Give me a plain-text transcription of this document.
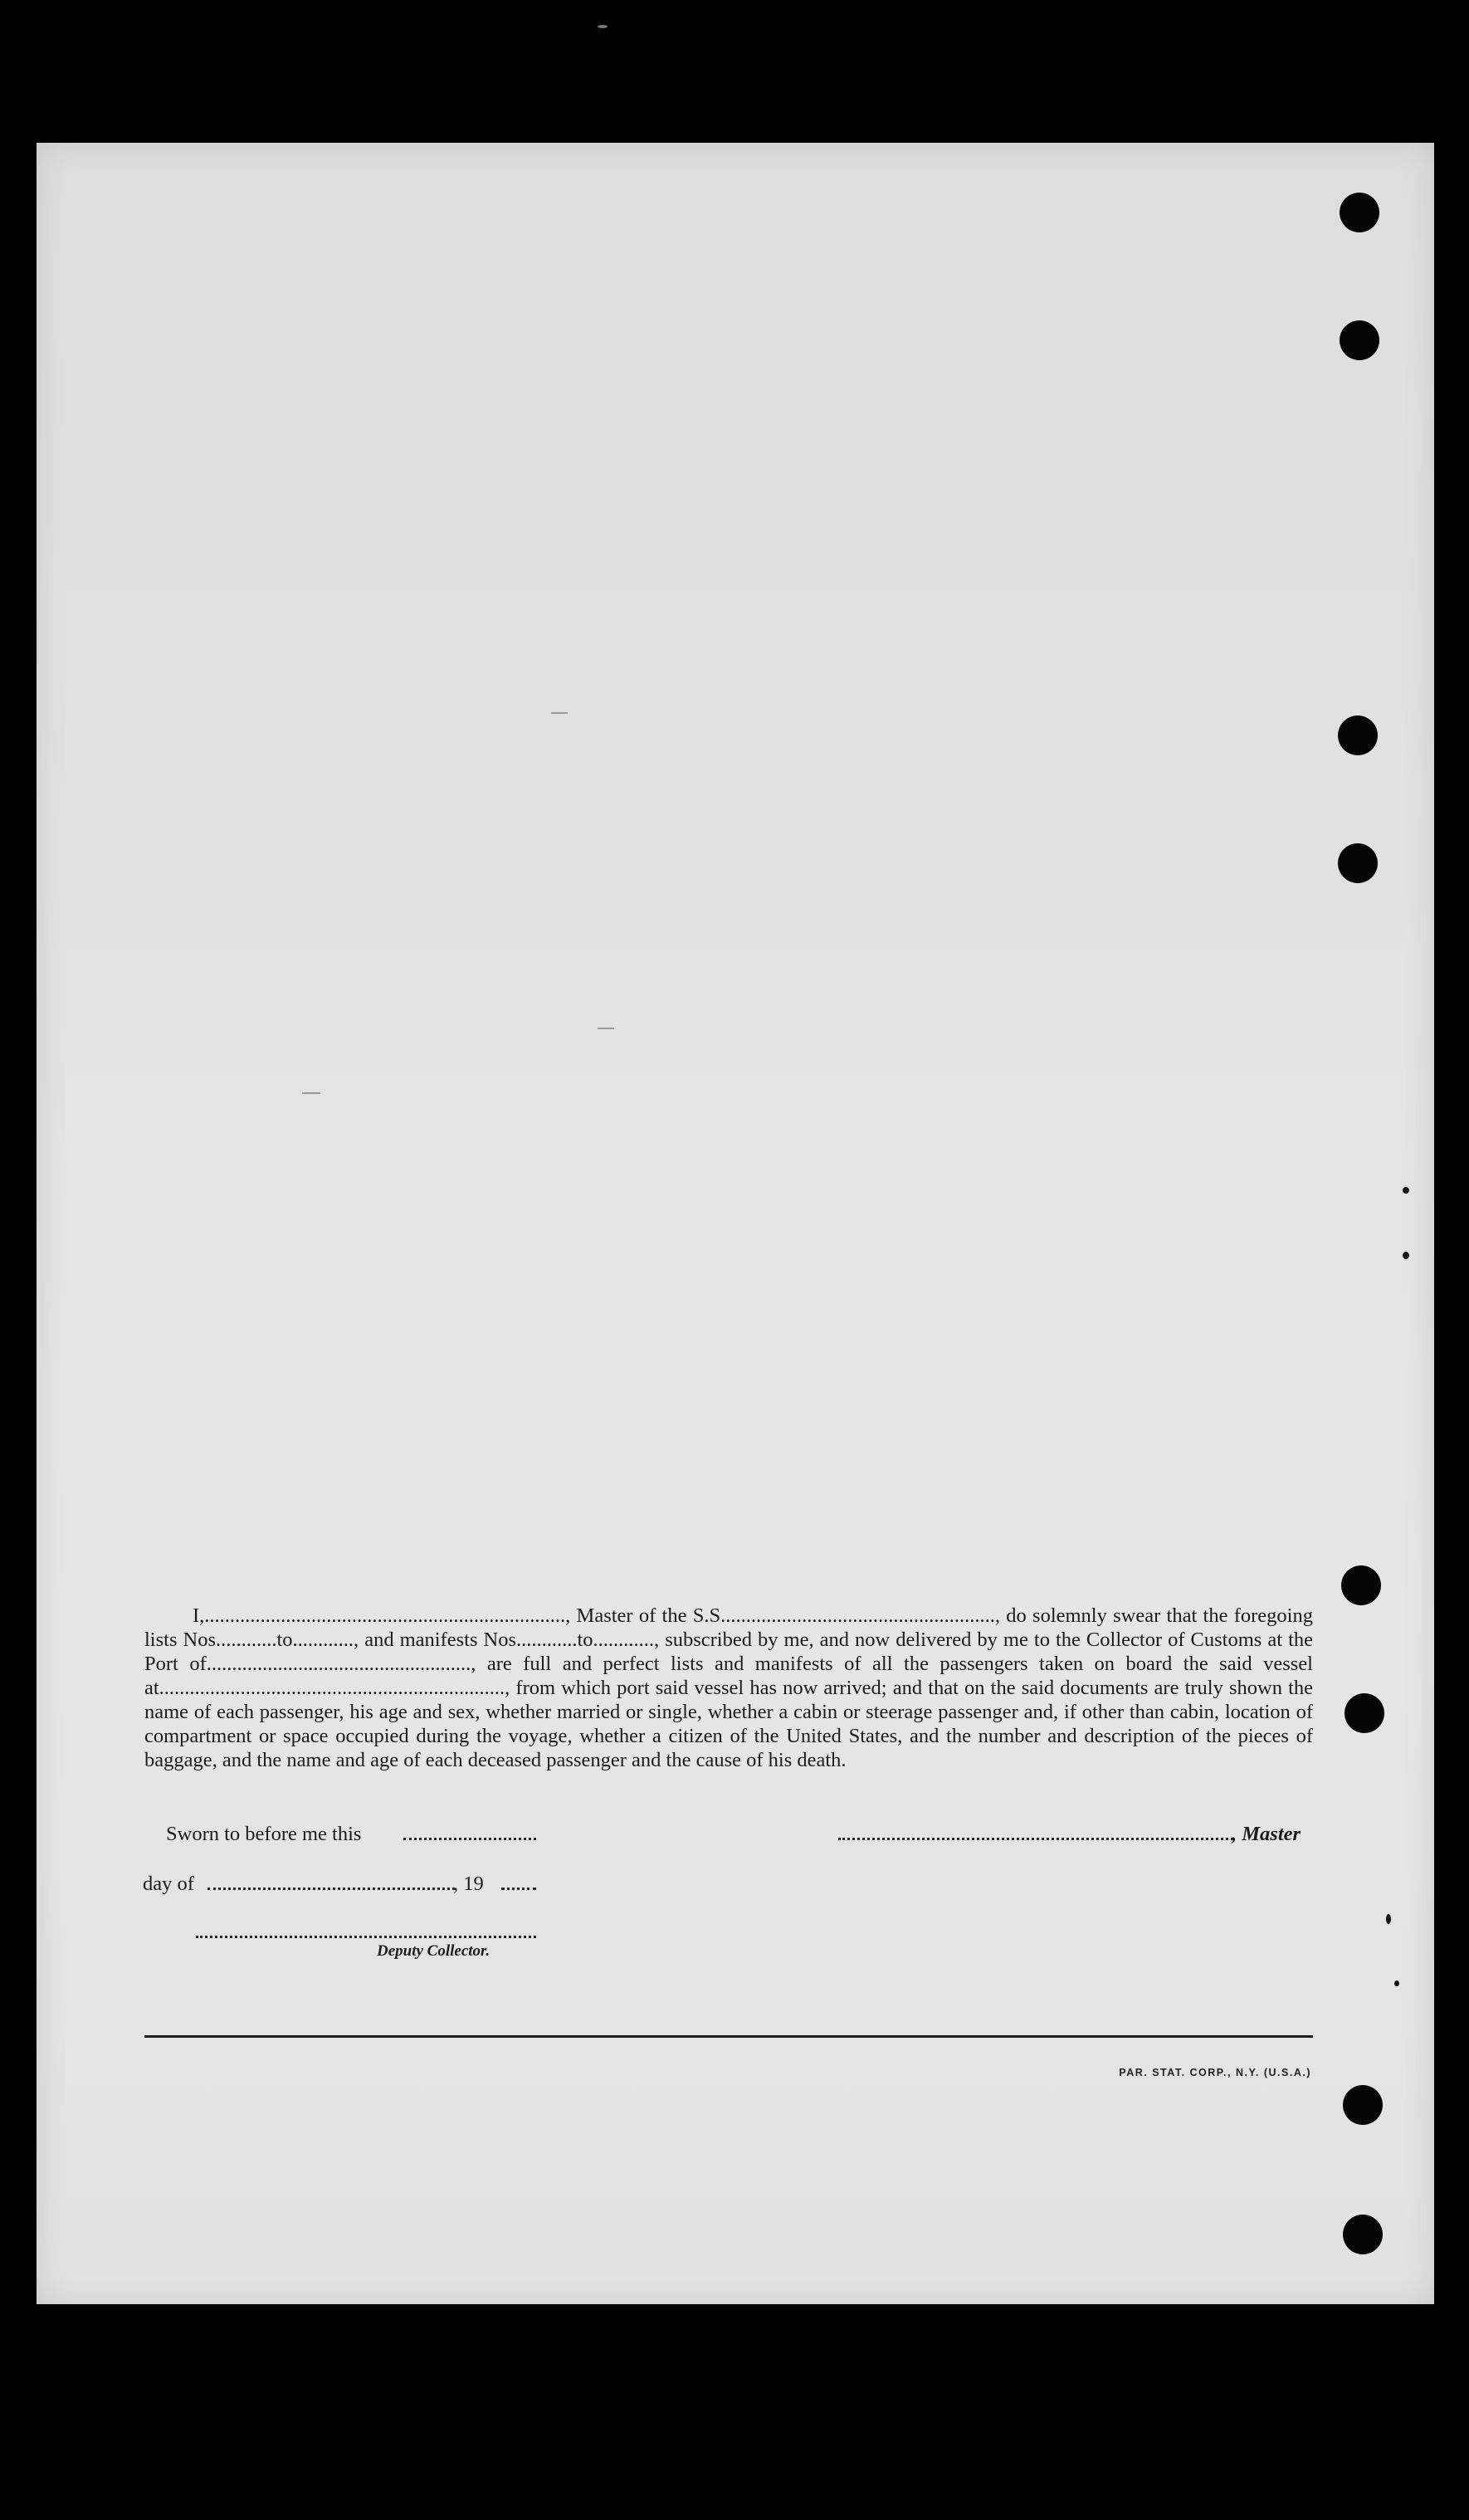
I,......................................................................., Master of the S.S......................................................, do solemnly swear that the foregoing lists Nos............to............, and manifests Nos............to............, subscribed by me, and now delivered by me to the Collector of Customs at the Port of...................................................., are full and perfect lists and manifests of all the passengers taken on board the said vessel at...................................................................., from which port said vessel has now arrived; and that on the said documents are truly shown the name of each passenger, his age and sex, whether married or single, whether a cabin or steerage passenger and, if other than cabin, location of compartment or space occupied during the voyage, whether a citizen of the United States, and the number and description of the pieces of baggage, and the name and age of each deceased passenger and the cause of his death.
Sworn to before me this	, Master
day of	, 19
Deputy Collector.
PAR. STAT. CORP., N.Y. (U.S.A.)
